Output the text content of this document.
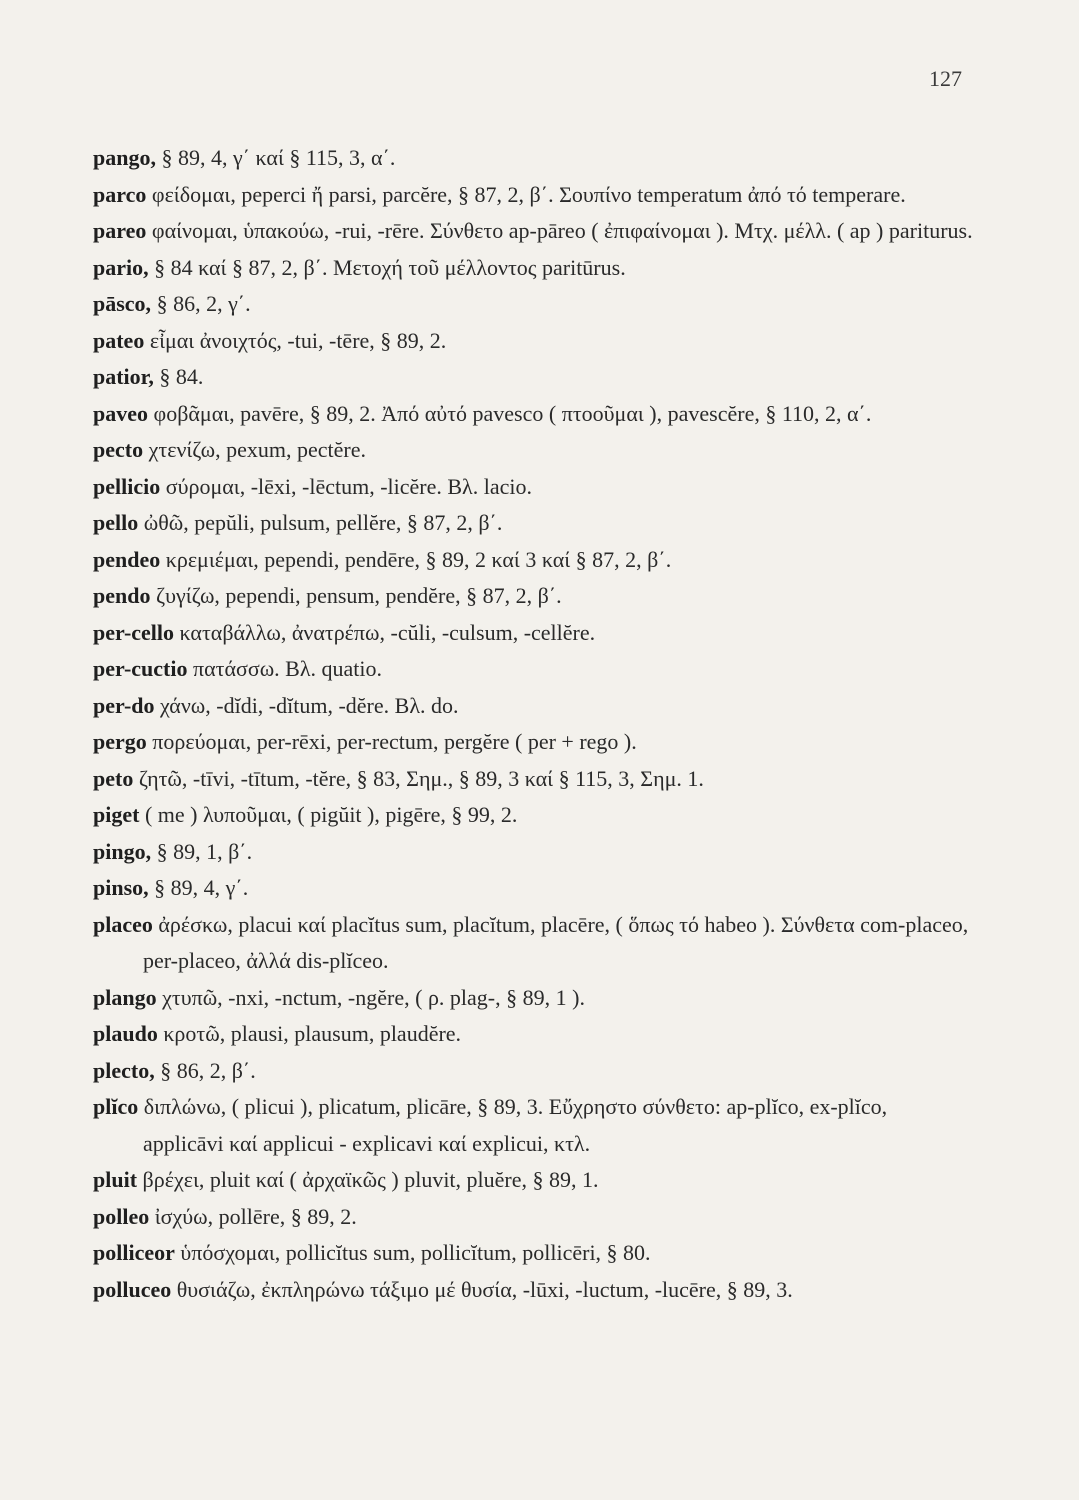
127

pango, § 89, 4, γ΄ καί § 115, 3, α΄.

parco φείδομαι, peperci ἤ parsi, parcĕre, § 87, 2, β΄. Σουπίνο temperatum ἀπό τό temperare.

pareo φαίνομαι, ὑπακούω, -rui, -rēre. Σύνθετο ap-pāreo ( ἐπιφαίνομαι ). Μτχ. μέλλ. ( ap ) pariturus.

pario, § 84 καί § 87, 2, β΄. Μετοχή τοῦ μέλλοντος paritūrus.

pāsco, § 86, 2, γ΄.

pateo εἶμαι ἀνοιχτός, -tui, -tēre, § 89, 2.

patior, § 84.

paveo φοβᾶμαι, pavēre, § 89, 2. Ἀπό αὐτό pavesco ( πτοοῦμαι ), pavescĕre, § 110, 2, α΄.

pecto χτενίζω, pexum, pectĕre.

pellicio σύρομαι, -lēxi, -lēctum, -licĕre. Βλ. lacio.

pello ὠθῶ, pepŭli, pulsum, pellĕre, § 87, 2, β΄.

pendeo κρεμιέμαι, pependi, pendēre, § 89, 2 καί 3 καί § 87, 2, β΄.

pendo ζυγίζω, pependi, pensum, pendĕre, § 87, 2, β΄.

per-cello καταβάλλω, ἀνατρέπω, -cŭli, -culsum, -cellĕre.

per-cuctio πατάσσω. Βλ. quatio.

per-do χάνω, -dĭdi, -dĭtum, -dĕre. Βλ. do.

pergo πορεύομαι, per-rēxi, per-rectum, pergĕre ( per + rego ).

peto ζητῶ, -tīvi, -tītum, -tĕre, § 83, Σημ., § 89, 3 καί § 115, 3, Σημ. 1.

piget ( me ) λυποῦμαι, ( pigŭit ), pigēre, § 99, 2.

pingo, § 89, 1, β΄.

pinso, § 89, 4, γ΄.

placeo ἀρέσκω, placui καί placĭtus sum, placĭtum, placēre, ( ὅπως τό habeo ). Σύνθετα com-placeo, per-placeo, ἀλλά dis-plĭceo.

plango χτυπῶ, -nxi, -nctum, -ngĕre, ( ρ. plag-, § 89, 1 ).

plaudo κροτῶ, plausi, plausum, plaudĕre.

plecto, § 86, 2, β΄.

plĭco διπλώνω, ( plicui ), plicatum, plicāre, § 89, 3. Εὔχρηστο σύνθετο: ap-plĭco, ex-plĭco, applicāvi καί applicui - explicavi καί explicui, κτλ.

pluit βρέχει, pluit καί ( ἀρχαϊκῶς ) pluvit, pluĕre, § 89, 1.

polleo ἰσχύω, pollēre, § 89, 2.

polliceor ὑπόσχομαι, pollicĭtus sum, pollicĭtum, pollicēri, § 80.

polluceo θυσιάζω, ἐκπληρώνω τάξιμο μέ θυσία, -lūxi, -luctum, -lucēre, § 89, 3.
